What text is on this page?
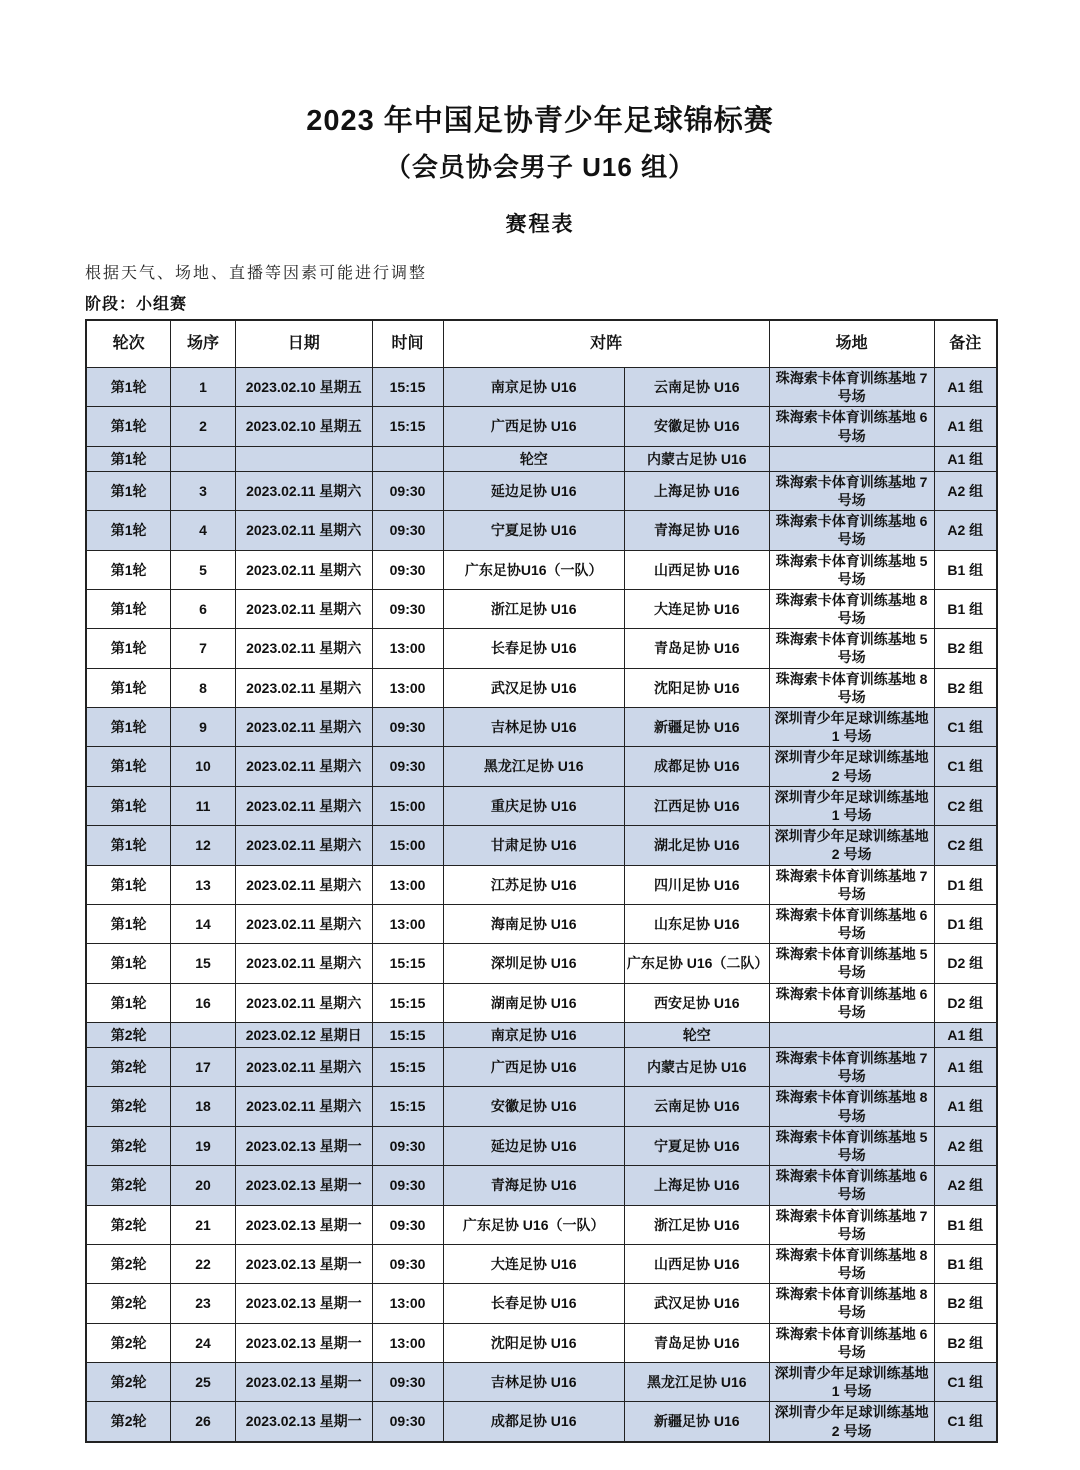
2023 年中国足协青少年足球锦标赛
（会员协会男子 U16 组）
赛程表
根据天气、场地、直播等因素可能进行调整
阶段：小组赛
轮次	场序	日期	时间	对阵		场地	备注
第1轮	1	2023.02.10 星期五	15:15	南京足协 U16	云南足协 U16	珠海索卡体育训练基地 7 号场	A1 组
第1轮	2	2023.02.10 星期五	15:15	广西足协 U16	安徽足协 U16	珠海索卡体育训练基地 6 号场	A1 组
第1轮				轮空	内蒙古足协 U16		A1 组
第1轮	3	2023.02.11 星期六	09:30	延边足协 U16	上海足协 U16	珠海索卡体育训练基地 7 号场	A2 组
第1轮	4	2023.02.11 星期六	09:30	宁夏足协 U16	青海足协 U16	珠海索卡体育训练基地 6 号场	A2 组
第1轮	5	2023.02.11 星期六	09:30	广东足协U16（一队）	山西足协 U16	珠海索卡体育训练基地 5 号场	B1 组
第1轮	6	2023.02.11 星期六	09:30	浙江足协 U16	大连足协 U16	珠海索卡体育训练基地 8 号场	B1 组
第1轮	7	2023.02.11 星期六	13:00	长春足协 U16	青岛足协 U16	珠海索卡体育训练基地 5 号场	B2 组
第1轮	8	2023.02.11 星期六	13:00	武汉足协 U16	沈阳足协 U16	珠海索卡体育训练基地 8 号场	B2 组
第1轮	9	2023.02.11 星期六	09:30	吉林足协 U16	新疆足协 U16	深圳青少年足球训练基地 1 号场	C1 组
第1轮	10	2023.02.11 星期六	09:30	黑龙江足协 U16	成都足协 U16	深圳青少年足球训练基地 2 号场	C1 组
第1轮	11	2023.02.11 星期六	15:00	重庆足协 U16	江西足协 U16	深圳青少年足球训练基地 1 号场	C2 组
第1轮	12	2023.02.11 星期六	15:00	甘肃足协 U16	湖北足协 U16	深圳青少年足球训练基地 2 号场	C2 组
第1轮	13	2023.02.11 星期六	13:00	江苏足协 U16	四川足协 U16	珠海索卡体育训练基地 7 号场	D1 组
第1轮	14	2023.02.11 星期六	13:00	海南足协 U16	山东足协 U16	珠海索卡体育训练基地 6 号场	D1 组
第1轮	15	2023.02.11 星期六	15:15	深圳足协 U16	广东足协 U16（二队）	珠海索卡体育训练基地 5 号场	D2 组
第1轮	16	2023.02.11 星期六	15:15	湖南足协 U16	西安足协 U16	珠海索卡体育训练基地 6 号场	D2 组
第2轮		2023.02.12 星期日	15:15	南京足协 U16	轮空		A1 组
第2轮	17	2023.02.11 星期六	15:15	广西足协 U16	内蒙古足协 U16	珠海索卡体育训练基地 7 号场	A1 组
第2轮	18	2023.02.11 星期六	15:15	安徽足协 U16	云南足协 U16	珠海索卡体育训练基地 8 号场	A1 组
第2轮	19	2023.02.13 星期一	09:30	延边足协 U16	宁夏足协 U16	珠海索卡体育训练基地 5 号场	A2 组
第2轮	20	2023.02.13 星期一	09:30	青海足协 U16	上海足协 U16	珠海索卡体育训练基地 6 号场	A2 组
第2轮	21	2023.02.13 星期一	09:30	广东足协 U16（一队）	浙江足协 U16	珠海索卡体育训练基地 7 号场	B1 组
第2轮	22	2023.02.13 星期一	09:30	大连足协 U16	山西足协 U16	珠海索卡体育训练基地 8 号场	B1 组
第2轮	23	2023.02.13 星期一	13:00	长春足协 U16	武汉足协 U16	珠海索卡体育训练基地 8 号场	B2 组
第2轮	24	2023.02.13 星期一	13:00	沈阳足协 U16	青岛足协 U16	珠海索卡体育训练基地 6 号场	B2 组
第2轮	25	2023.02.13 星期一	09:30	吉林足协 U16	黑龙江足协 U16	深圳青少年足球训练基地 1 号场	C1 组
第2轮	26	2023.02.13 星期一	09:30	成都足协 U16	新疆足协 U16	深圳青少年足球训练基地 2 号场	C1 组
